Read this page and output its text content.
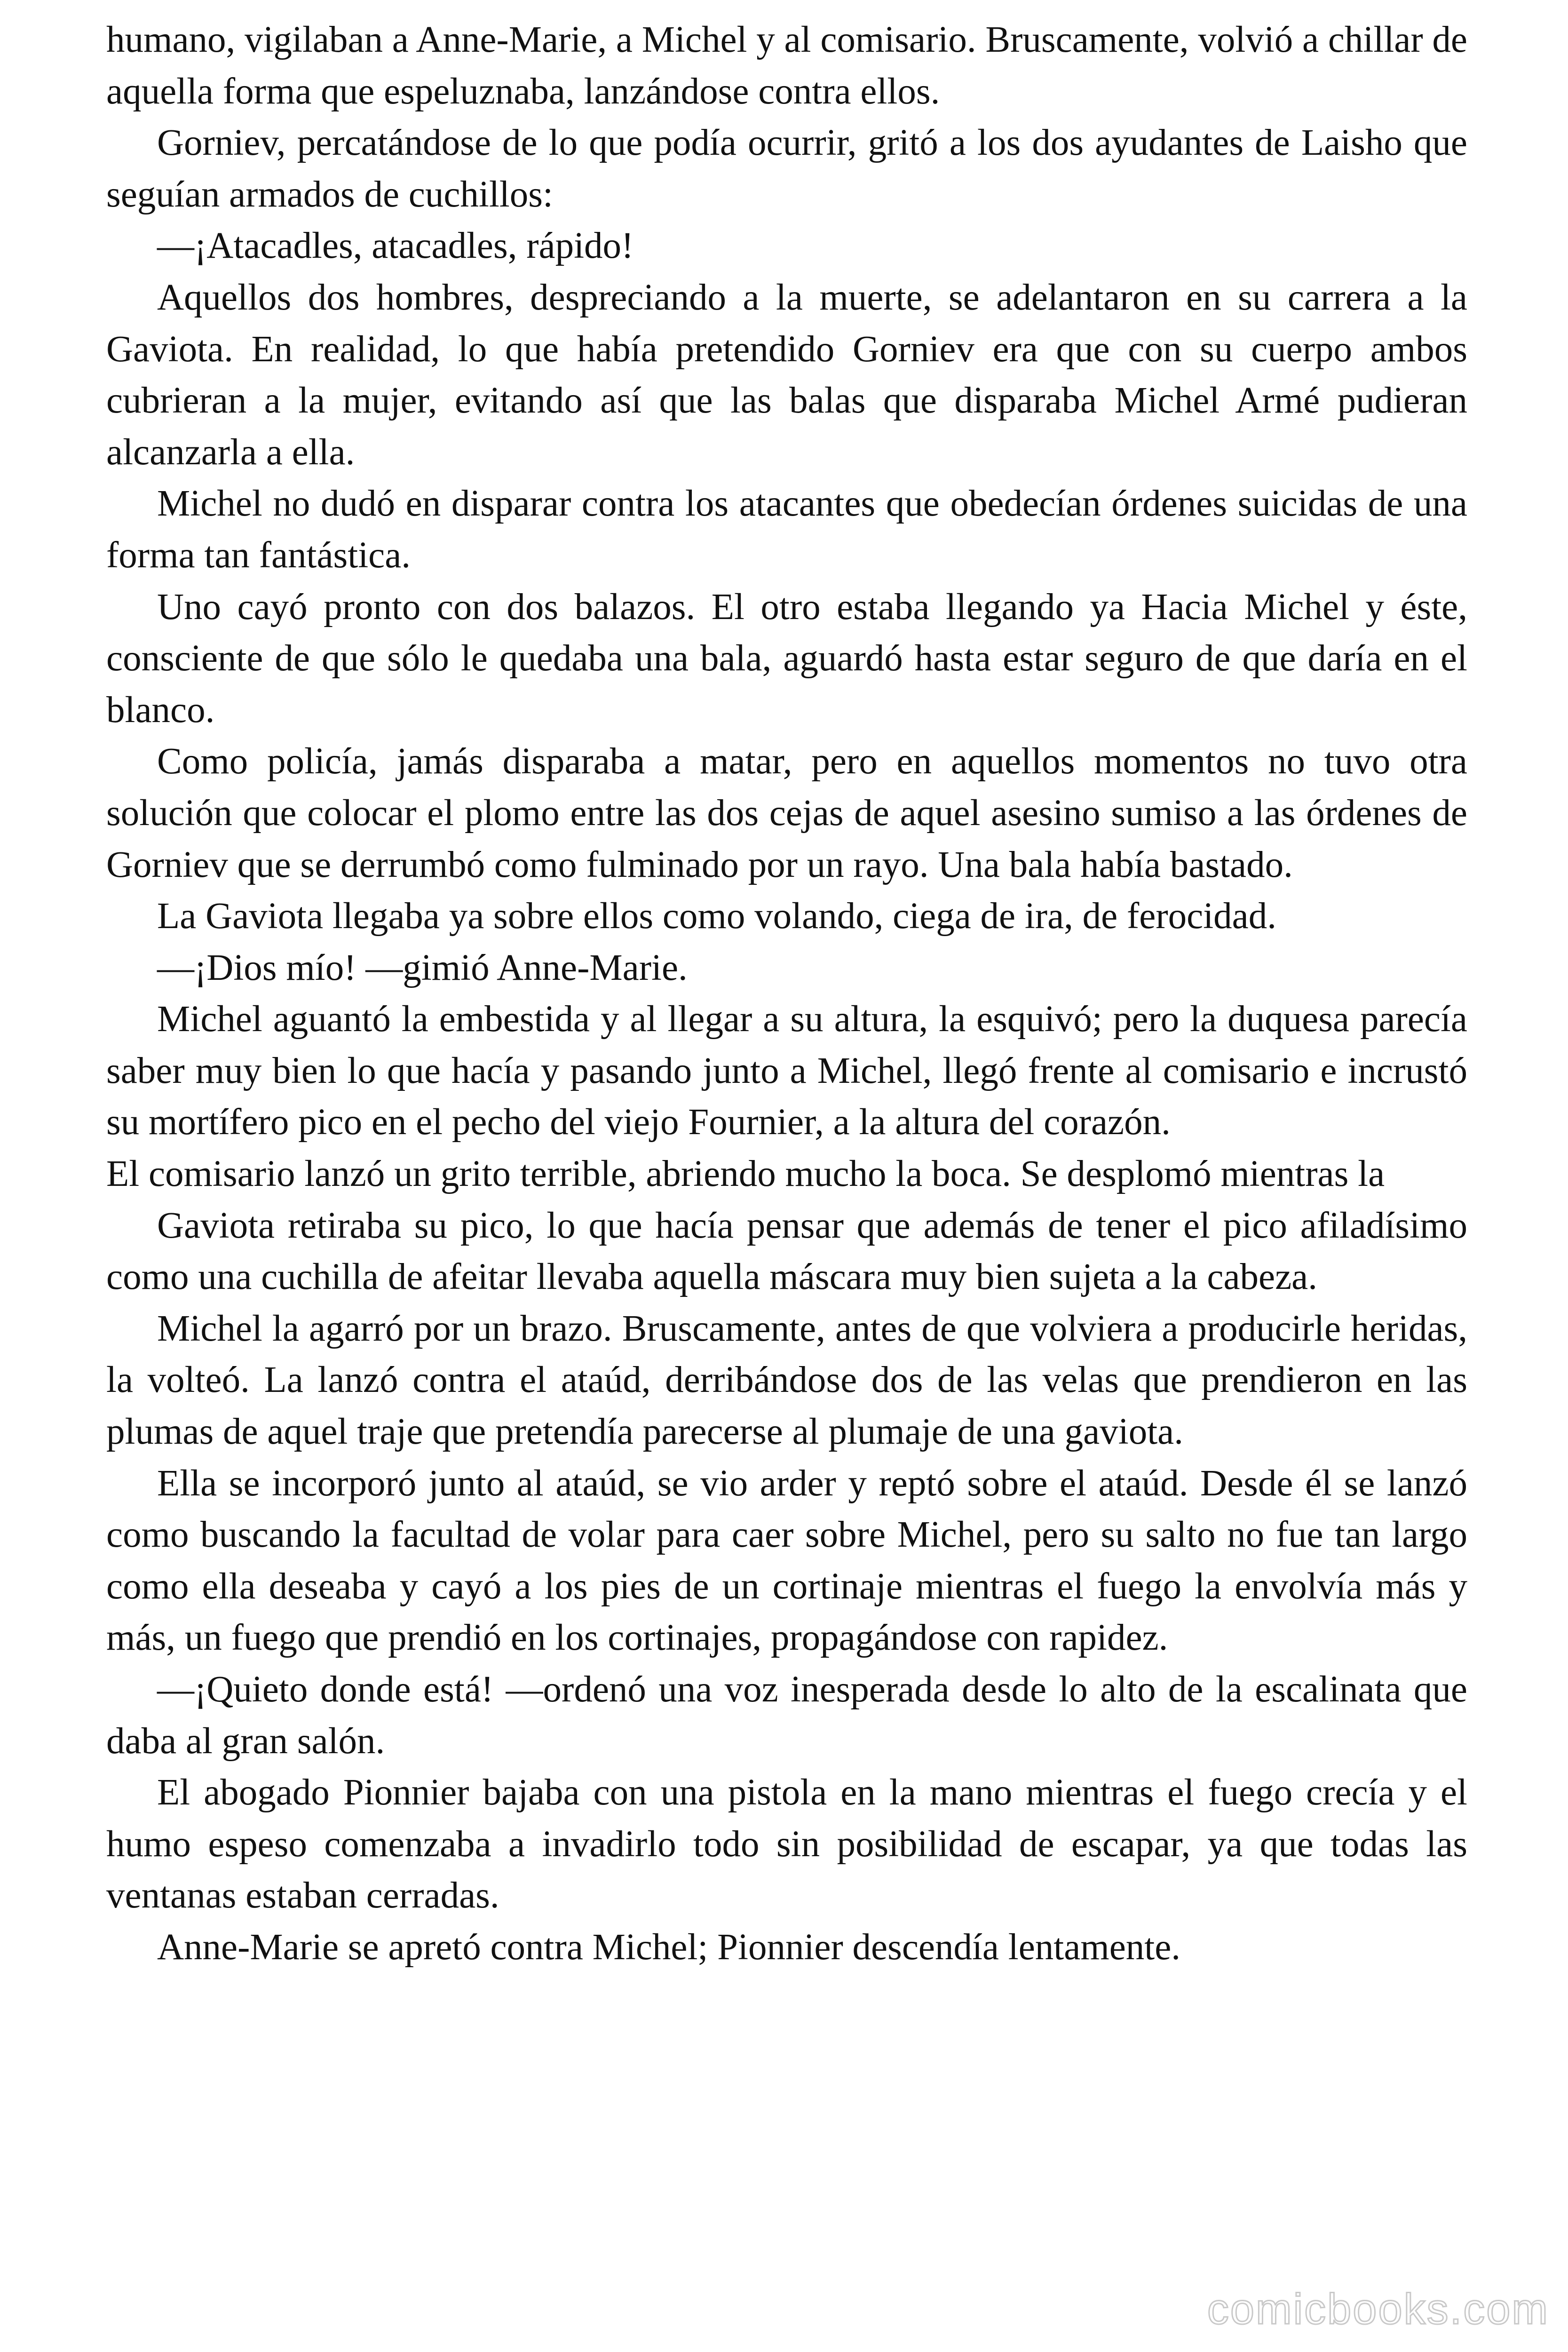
humano, vigilaban a Anne-Marie, a Michel y al comisario. Bruscamente, volvió a chillar de aquella forma que espeluznaba, lanzándose contra ellos.

Gorniev, percatándose de lo que podía ocurrir, gritó a los dos ayudantes de Laisho que seguían armados de cuchillos:

—¡Atacadles, atacadles, rápido!

Aquellos dos hombres, despreciando a la muerte, se adelantaron en su carrera a la Gaviota. En realidad, lo que había pretendido Gorniev era que con su cuerpo ambos cubrieran a la mujer, evitando así que las balas que disparaba Michel Armé pudieran alcanzarla a ella.

Michel no dudó en disparar contra los atacantes que obedecían órdenes suicidas de una forma tan fantástica.

Uno cayó pronto con dos balazos. El otro estaba llegando ya Hacia Michel y éste, consciente de que sólo le quedaba una bala, aguardó hasta estar seguro de que daría en el blanco.

Como policía, jamás disparaba a matar, pero en aquellos momentos no tuvo otra solución que colocar el plomo entre las dos cejas de aquel asesino sumiso a las órdenes de Gorniev que se derrumbó como fulminado por un rayo. Una bala había bastado.

La Gaviota llegaba ya sobre ellos como volando, ciega de ira, de ferocidad.

—¡Dios mío! —gimió Anne-Marie.

Michel aguantó la embestida y al llegar a su altura, la esquivó; pero la duquesa parecía saber muy bien lo que hacía y pasando junto a Michel, llegó frente al comisario e incrustó su mortífero pico en el pecho del viejo Fournier, a la altura del corazón.

El comisario lanzó un grito terrible, abriendo mucho la boca. Se desplomó mientras la

Gaviota retiraba su pico, lo que hacía pensar que además de tener el pico afiladísimo como una cuchilla de afeitar llevaba aquella máscara muy bien sujeta a la cabeza.

Michel la agarró por un brazo. Bruscamente, antes de que volviera a producirle heridas, la volteó. La lanzó contra el ataúd, derribándose dos de las velas que prendieron en las plumas de aquel traje que pretendía parecerse al plumaje de una gaviota.

Ella se incorporó junto al ataúd, se vio arder y reptó sobre el ataúd. Desde él se lanzó como buscando la facultad de volar para caer sobre Michel, pero su salto no fue tan largo como ella deseaba y cayó a los pies de un cortinaje mientras el fuego la envolvía más y más, un fuego que prendió en los cortinajes, propagándose con rapidez.

—¡Quieto donde está! —ordenó una voz inesperada desde lo alto de la escalinata que daba al gran salón.

El abogado Pionnier bajaba con una pistola en la mano mientras el fuego crecía y el humo espeso comenzaba a invadirlo todo sin posibilidad de escapar, ya que todas las ventanas estaban cerradas.

Anne-Marie se apretó contra Michel; Pionnier descendía lentamente.

comicbooks.com
